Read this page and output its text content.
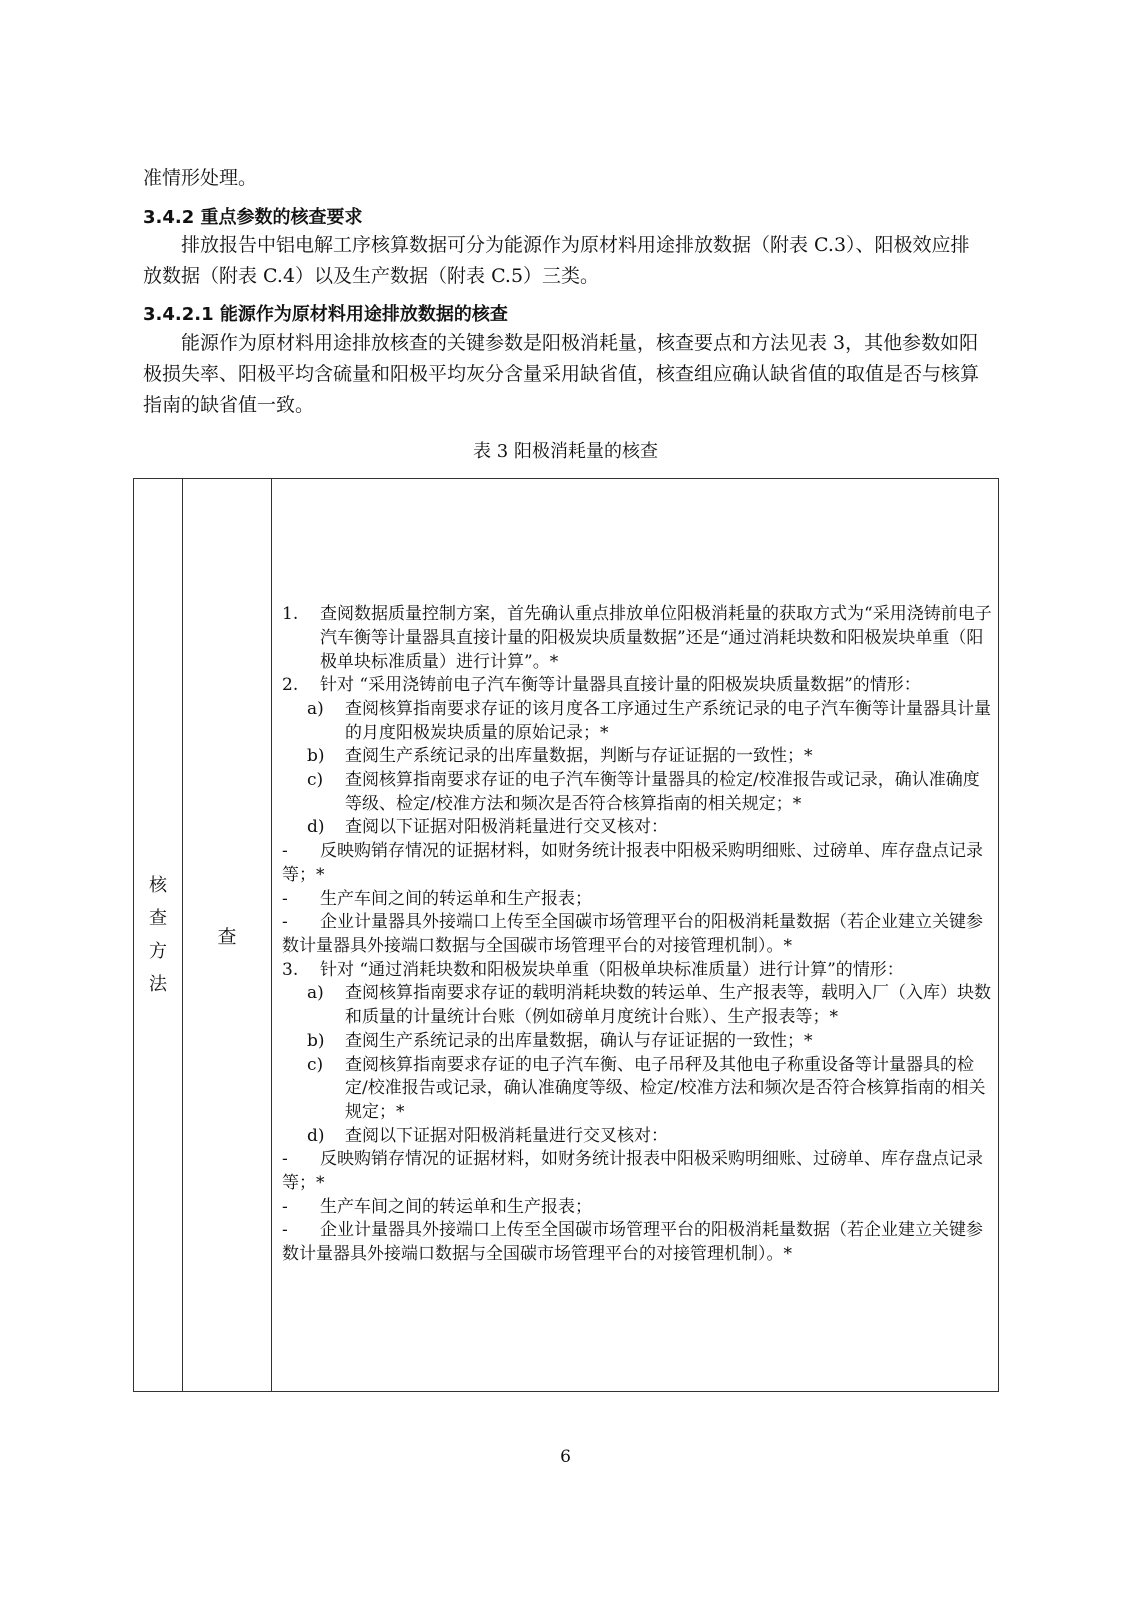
准情形处理。

3.4.2 重点参数的核查要求

排放报告中铝电解工序核算数据可分为能源作为原材料用途排放数据（附表 C.3）、阳极效应排放数据（附表 C.4）以及生产数据（附表 C.5）三类。

3.4.2.1 能源作为原材料用途排放数据的核查

能源作为原材料用途排放核查的关键参数是阳极消耗量，核查要点和方法见表 3，其他参数如阳极损失率、阳极平均含硫量和阳极平均灰分含量采用缺省值，核查组应确认缺省值的取值是否与核算指南的缺省值一致。

表 3 阳极消耗量的核查

核查方法	查	
1. 查阅数据质量控制方案，首先确认重点排放单位阳极消耗量的获取方式为“采用浇铸前电子汽车衡等计量器具直接计量的阳极炭块质量数据”还是“通过消耗块数和阳极炭块单重（阳极单块标准质量）进行计算”。*
2. 针对 “采用浇铸前电子汽车衡等计量器具直接计量的阳极炭块质量数据”的情形：
a) 查阅核算指南要求存证的该月度各工序通过生产系统记录的电子汽车衡等计量器具计量的月度阳极炭块质量的原始记录；*
b) 查阅生产系统记录的出库量数据，判断与存证证据的一致性；*
c) 查阅核算指南要求存证的电子汽车衡等计量器具的检定/校准报告或记录，确认准确度等级、检定/校准方法和频次是否符合核算指南的相关规定；*
d) 查阅以下证据对阳极消耗量进行交叉核对：
- 反映购销存情况的证据材料，如财务统计报表中阳极采购明细账、过磅单、库存盘点记录等；*
- 生产车间之间的转运单和生产报表；
- 企业计量器具外接端口上传至全国碳市场管理平台的阳极消耗量数据（若企业建立关键参数计量器具外接端口数据与全国碳市场管理平台的对接管理机制）。*
3. 针对 “通过消耗块数和阳极炭块单重（阳极单块标准质量）进行计算”的情形：
a) 查阅核算指南要求存证的载明消耗块数的转运单、生产报表等，载明入厂（入库）块数和质量的计量统计台账（例如磅单月度统计台账）、生产报表等；*
b) 查阅生产系统记录的出库量数据，确认与存证证据的一致性；*
c) 查阅核算指南要求存证的电子汽车衡、电子吊秤及其他电子称重设备等计量器具的检定/校准报告或记录，确认准确度等级、检定/校准方法和频次是否符合核算指南的相关规定；*
d) 查阅以下证据对阳极消耗量进行交叉核对：
- 反映购销存情况的证据材料，如财务统计报表中阳极采购明细账、过磅单、库存盘点记录等；*
- 生产车间之间的转运单和生产报表；
- 企业计量器具外接端口上传至全国碳市场管理平台的阳极消耗量数据（若企业建立关键参数计量器具外接端口数据与全国碳市场管理平台的对接管理机制）。*

6
